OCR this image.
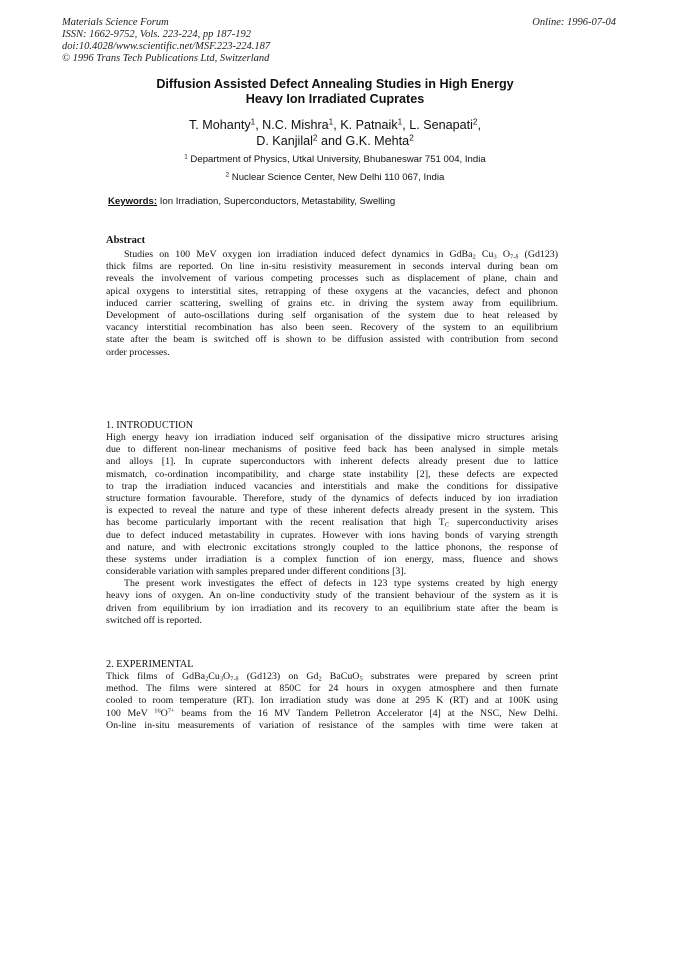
Materials Science Forum
ISSN: 1662-9752, Vols. 223-224, pp 187-192
doi:10.4028/www.scientific.net/MSF.223-224.187
© 1996 Trans Tech Publications Ltd, Switzerland
Online: 1996-07-04
Diffusion Assisted Defect Annealing Studies in High Energy
Heavy Ion Irradiated Cuprates
T. Mohanty$^1$, N.C. Mishra$^1$, K. Patnaik$^1$, L. Senapati$^2$,
D. Kanjilal$^2$ and G.K. Mehta$^2$
$^1$ Department of Physics, Utkal University, Bhubaneswar 751 004, India
$^2$ Nuclear Science Center, New Delhi 110 067, India
Keywords: Ion Irradiation, Superconductors, Metastability, Swelling
Abstract
Studies on 100 MeV oxygen ion irradiation induced defect dynamics in GdBa$_2$ $Cu_3$ $O_{7-\delta}$ (Gd123)
thick films are reported. On line in-situ resistivity measurement in seconds interval during bean om
reveals the involvement of various competing processes such as displacement of plane, chain and
apical oxygens to interstitial sites, retrapping of these oxygens at the vacancies, defect and phonon
induced carrier scattering, swelling of grains etc. in driving the system away from equilibrium.
Development of auto-oscillations during self organisation of the system due to heat released by
vacancy interstitial recombination has also been seen. Recovery of the system to an equilibrium
state after the beam is switched off is shown to be diffusion assisted with contribution from second
order processes.
1. INTRODUCTION
High energy heavy ion irradiation induced self organisation of the dissipative micro structures arising
due to different non-linear mechanisms of positive feed back has been analysed in simple metals
and alloys [1]. In cuprate superconductors with inherent defects already present due to lattice
mismatch, co-ordination incompatibility, and charge state instability [2], these defects are expected
to trap the irradiation induced vacancies and interstitials and make the conditions for dissipative
structure formation favourable. Therefore, study of the dynamics of defects induced by ion irradiation
is expected to reveal the nature and type of these inherent defects already present in the system. This
has become particularly important with the recent realisation that high $T_C$ superconductivity arises
due to defect induced metastability in cuprates. However with ions having bonds of varying strength
and nature, and with electronic excitations strongly coupled to the lattice phonons, the response of
these systems under irradiation is a complex function of ion energy, mass, fluence and shows
considerable variation with samples prepared under different conditions [3].
The present work investigates the effect of defects in 123 type systems created by high energy
heavy ions of oxygen. An on-line conductivity study of the transient behaviour of the system as it is
driven from equilibrium by ion irradiation and its recovery to an equilibrium state after the beam is
switched off is reported.
2. EXPERIMENTAL
Thick films of $GdBa_2Cu_3O_{7-\delta}$ (Gd123) on $Gd_2$ BaCuO$_5$ substrates were prepared by screen print
method. The films were sintered at 850C for 24 hours in oxygen atmosphere and then furnate
cooled to room temperature (RT). Ion irradiation study was done at 295 K (RT) and at 100K using
100 MeV $^{16}O^{7+}$ beams from the 16 MV Tandem Pelletron Accelerator [4] at the NSC, New Delhi.
On-line in-situ measurements of variation of resistance of the samples with time were taken at
